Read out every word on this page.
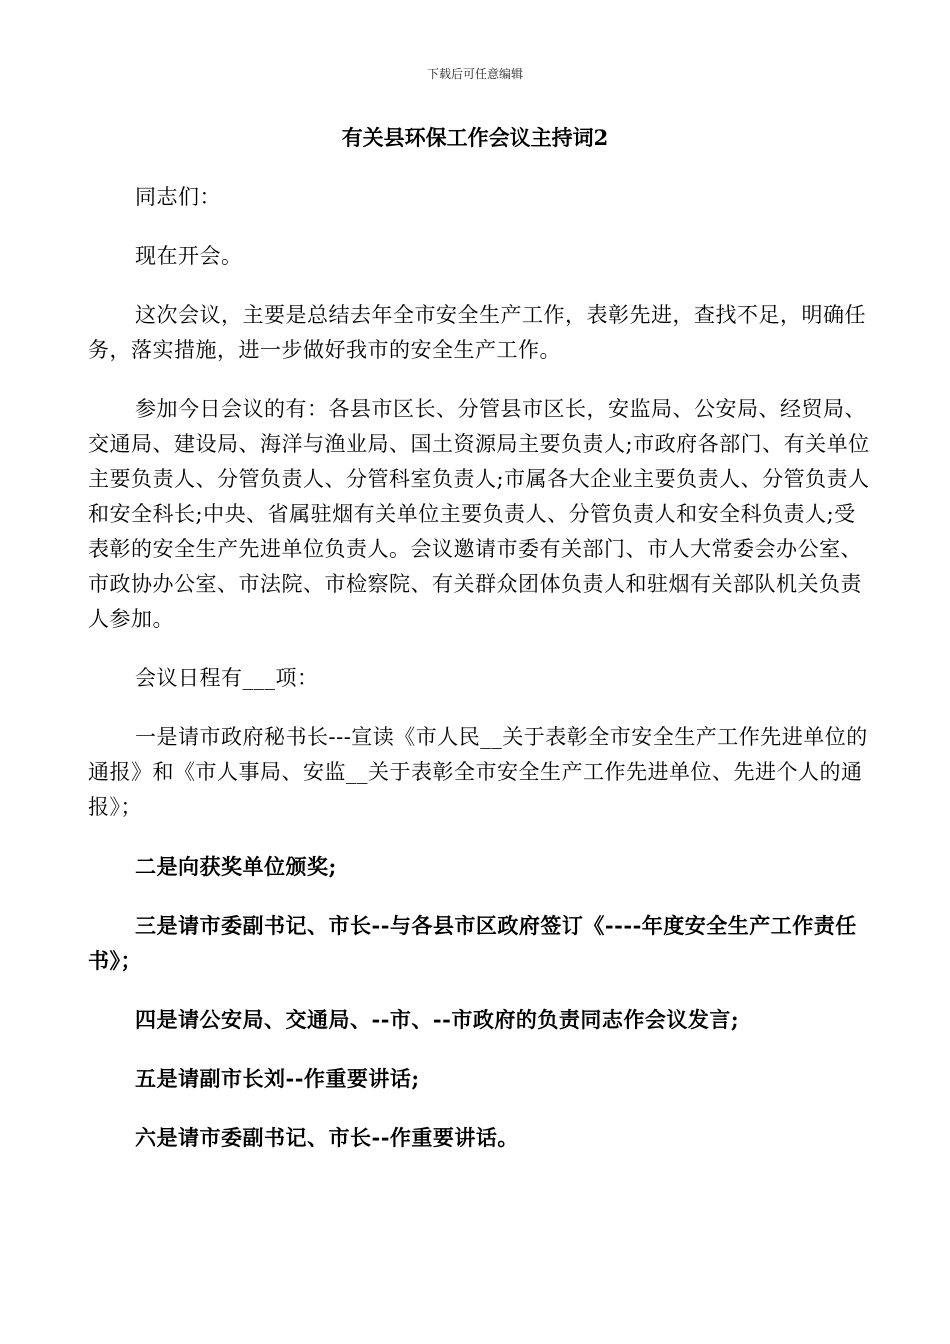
下载后可任意编辑
有关县环保工作会议主持词2

同志们：

现在开会。

这次会议，主要是总结去年全市安全生产工作，表彰先进，查找不足，明确任务，落实措施，进一步做好我市的安全生产工作。

参加今日会议的有：各县市区长、分管县市区长，安监局、公安局、经贸局、交通局、建设局、海洋与渔业局、国土资源局主要负责人;市政府各部门、有关单位主要负责人、分管负责人、分管科室负责人;市属各大企业主要负责人、分管负责人和安全科长;中央、省属驻烟有关单位主要负责人、分管负责人和安全科负责人;受表彰的安全生产先进单位负责人。会议邀请市委有关部门、市人大常委会办公室、市政协办公室、市法院、市检察院、有关群众团体负责人和驻烟有关部队机关负责人参加。

会议日程有___项：

一是请市政府秘书长---宣读《市人民__关于表彰全市安全生产工作先进单位的通报》和《市人事局、安监__关于表彰全市安全生产工作先进单位、先进个人的通报》；

二是向获奖单位颁奖;

三是请市委副书记、市长--与各县市区政府签订《----年度安全生产工作责任书》；

四是请公安局、交通局、--市、--市政府的负责同志作会议发言;

五是请副市长刘--作重要讲话;

六是请市委副书记、市长--作重要讲话。
